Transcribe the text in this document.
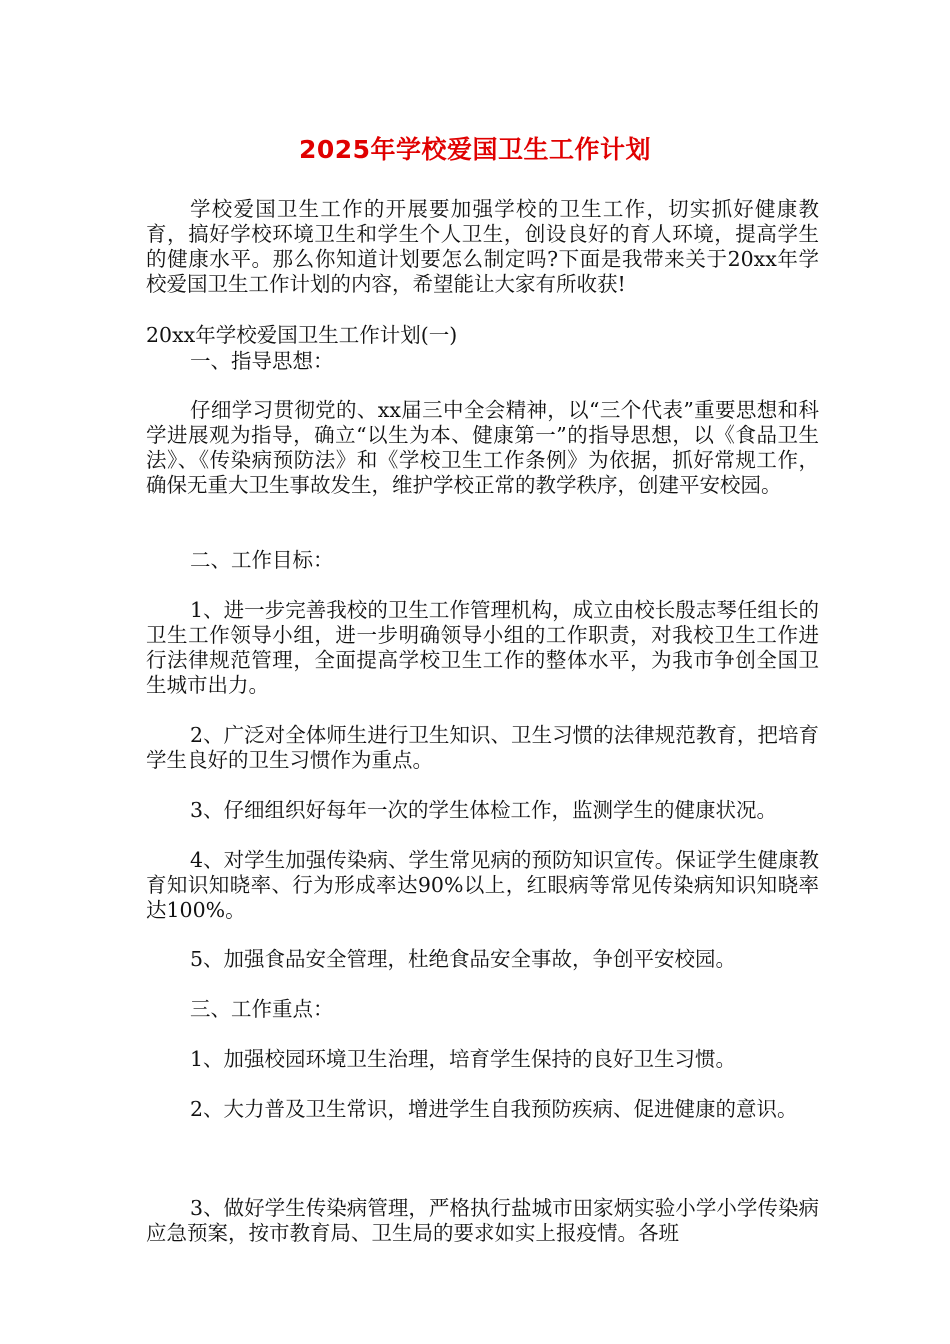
2025年学校爱国卫生工作计划

学校爱国卫生工作的开展要加强学校的卫生工作，切实抓好健康教育，搞好学校环境卫生和学生个人卫生，创设良好的育人环境，提高学生的健康水平。那么你知道计划要怎么制定吗?下面是我带来关于20xx年学校爱国卫生工作计划的内容，希望能让大家有所收获!

20xx年学校爱国卫生工作计划(一)

一、指导思想：

仔细学习贯彻党的、xx届三中全会精神，以“三个代表”重要思想和科学进展观为指导，确立“以生为本、健康第一”的指导思想，以《食品卫生法》、《传染病预防法》和《学校卫生工作条例》为依据，抓好常规工作，确保无重大卫生事故发生，维护学校正常的教学秩序，创建平安校园。

二、工作目标：

1、进一步完善我校的卫生工作管理机构，成立由校长殷志琴任组长的卫生工作领导小组，进一步明确领导小组的工作职责，对我校卫生工作进行法律规范管理，全面提高学校卫生工作的整体水平，为我市争创全国卫生城市出力。

2、广泛对全体师生进行卫生知识、卫生习惯的法律规范教育，把培育学生良好的卫生习惯作为重点。

3、仔细组织好每年一次的学生体检工作，监测学生的健康状况。

4、对学生加强传染病、学生常见病的预防知识宣传。保证学生健康教育知识知晓率、行为形成率达90%以上，红眼病等常见传染病知识知晓率达100%。

5、加强食品安全管理，杜绝食品安全事故，争创平安校园。

三、工作重点：

1、加强校园环境卫生治理，培育学生保持的良好卫生习惯。

2、大力普及卫生常识，增进学生自我预防疾病、促进健康的意识。

3、做好学生传染病管理，严格执行盐城市田家炳实验小学小学传染病应急预案，按市教育局、卫生局的要求如实上报疫情。各班
